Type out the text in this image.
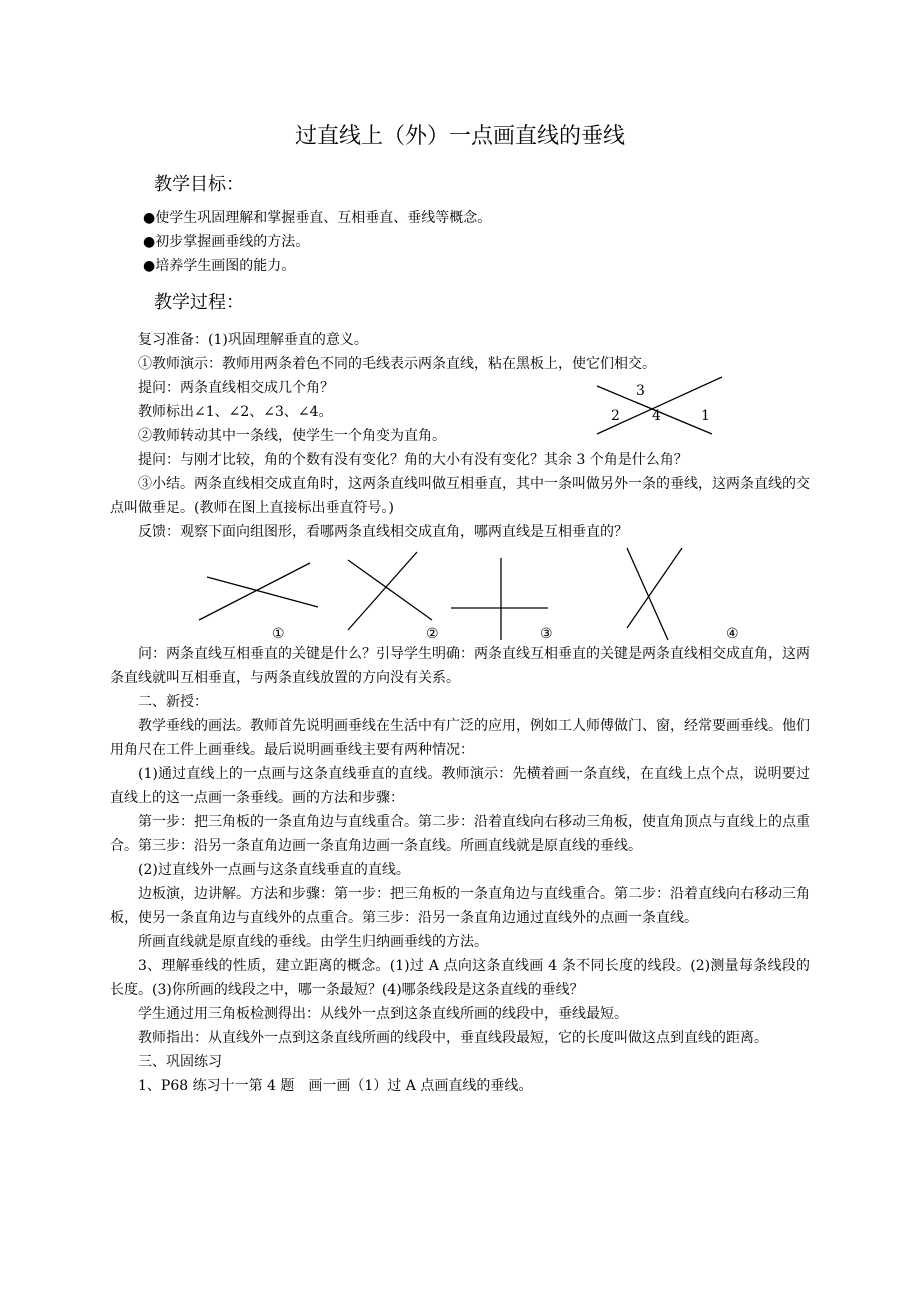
过直线上（外）一点画直线的垂线
教学目标：
●使学生巩固理解和掌握垂直、互相垂直、垂线等概念。
●初步掌握画垂线的方法。
●培养学生画图的能力。
教学过程：

复习准备：(1)巩固理解垂直的意义。

①教师演示：教师用两条着色不同的毛线表示两条直线，粘在黑板上，使它们相交。

提问：两条直线相交成几个角？

教师标出∠1、∠2、∠3、∠4。

②教师转动其中一条线，使学生一个角变为直角。

提问：与刚才比较，角的个数有没有变化？角的大小有没有变化？其余 3 个角是什么角？

③小结。两条直线相交成直角时，这两条直线叫做互相垂直，其中一条叫做另外一条的垂线，这两条直线的交点叫做垂足。(教师在图上直接标出垂直符号。)

反馈：观察下面向组图形，看哪两条直线相交成直角，哪两直线是互相垂直的？

3
2 4	1
①	②	③	④

问：两条直线互相垂直的关键是什么？引导学生明确：两条直线互相垂直的关键是两条直线相交成直角，这两条直线就叫互相垂直，与两条直线放置的方向没有关系。

二、新授：

教学垂线的画法。教师首先说明画垂线在生活中有广泛的应用，例如工人师傅做门、窗，经常要画垂线。他们用角尺在工件上画垂线。最后说明画垂线主要有两种情况：

(1)通过直线上的一点画与这条直线垂直的直线。教师演示：先横着画一条直线，在直线上点个点，说明要过直线上的这一点画一条垂线。画的方法和步骤：

第一步：把三角板的一条直角边与直线重合。第二步：沿着直线向右移动三角板，使直角顶点与直线上的点重合。第三步：沿另一条直角边画一条直角边画一条直线。所画直线就是原直线的垂线。

(2)过直线外一点画与这条直线垂直的直线。

边板演，边讲解。方法和步骤：第一步：把三角板的一条直角边与直线重合。第二步：沿着直线向右移动三角板，使另一条直角边与直线外的点重合。第三步：沿另一条直角边通过直线外的点画一条直线。

所画直线就是原直线的垂线。由学生归纳画垂线的方法。

3、理解垂线的性质，建立距离的概念。(1)过 A 点向这条直线画 4 条不同长度的线段。(2)测量每条线段的长度。(3)你所画的线段之中，哪一条最短？(4)哪条线段是这条直线的垂线？

学生通过用三角板检测得出：从线外一点到这条直线所画的线段中，垂线最短。

教师指出：从直线外一点到这条直线所画的线段中，垂直线段最短，它的长度叫做这点到直线的距离。

三、巩固练习

1、P68 练习十一第 4 题　画一画（1）过 A 点画直线的垂线。
